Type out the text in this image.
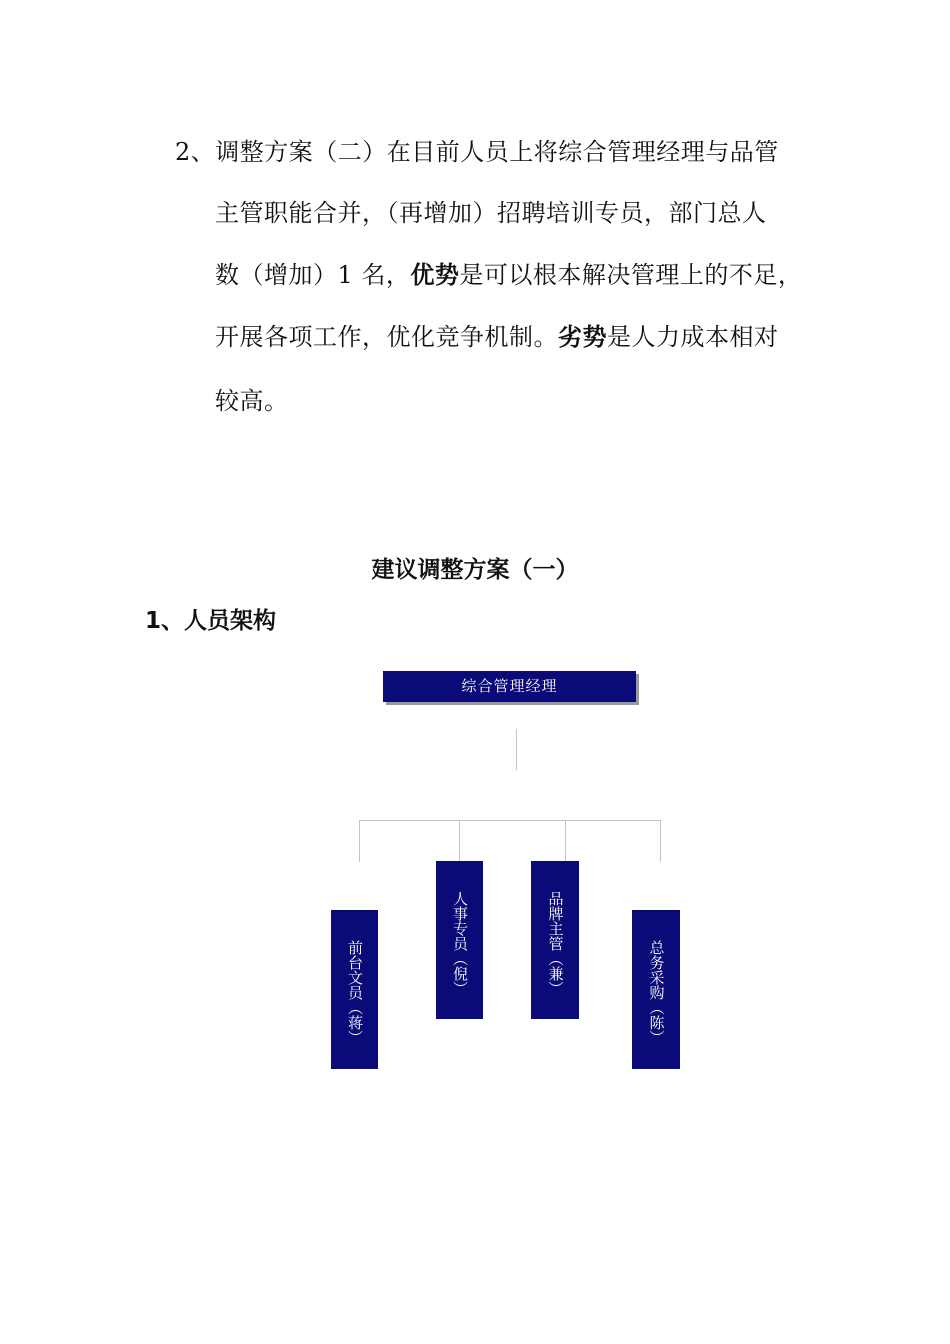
2、调整方案（二）在目前人员上将综合管理经理与品管
主管职能合并，（再增加）招聘培训专员，部门总人
数（增加）1 名，优势是可以根本解决管理上的不足，
开展各项工作，优化竞争机制。劣势是人力成本相对
较高。
建议调整方案（一）
1、人员架构
综合管理经理
前台文员（蒋）	人事专员（倪）	品牌主管（兼）	总务采购（陈）
